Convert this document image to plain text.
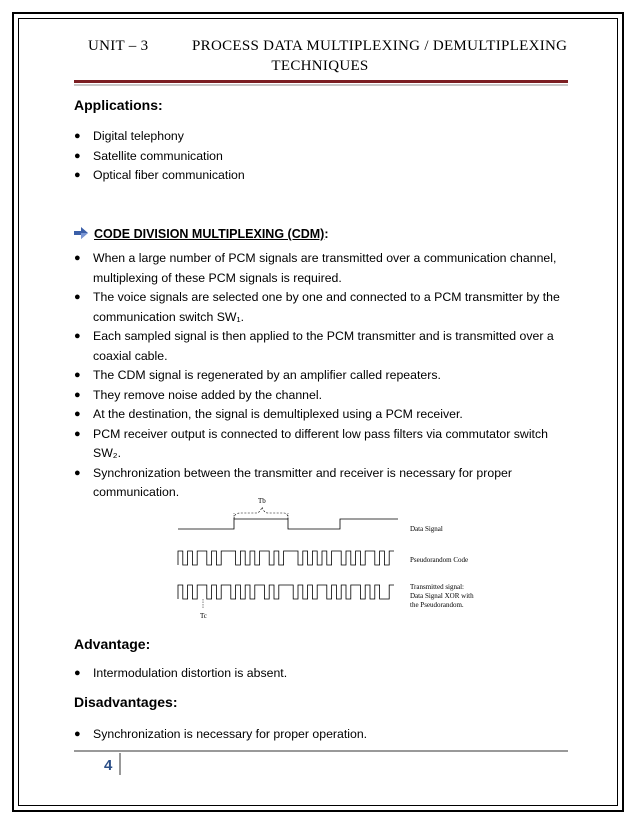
UNIT – 3	PROCESS DATA MULTIPLEXING / DEMULTIPLEXING
TECHNIQUES
Applications:
● Digital telephony
● Satellite communication
● Optical fiber communication
CODE DIVISION MULTIPLEXING (CDM):
● When a large number of PCM signals are transmitted over a communication channel, multiplexing of these PCM signals is required.
● The voice signals are selected one by one and connected to a PCM transmitter by the communication switch SW₁.
● Each sampled signal is then applied to the PCM transmitter and is transmitted over a coaxial cable.
● The CDM signal is regenerated by an amplifier called repeaters.
● They remove noise added by the channel.
● At the destination, the signal is demultiplexed using a PCM receiver.
● PCM receiver output is connected to different low pass filters via commutator switch SW₂.
● Synchronization between the transmitter and receiver is necessary for proper communication.
Tb
Tc
Data Signal
Pseudorandom Code
Transmitted signal:
Data Signal XOR with
the Pseudorandom.
Advantage:
● Intermodulation distortion is absent.
Disadvantages:
● Synchronization is necessary for proper operation.
4
